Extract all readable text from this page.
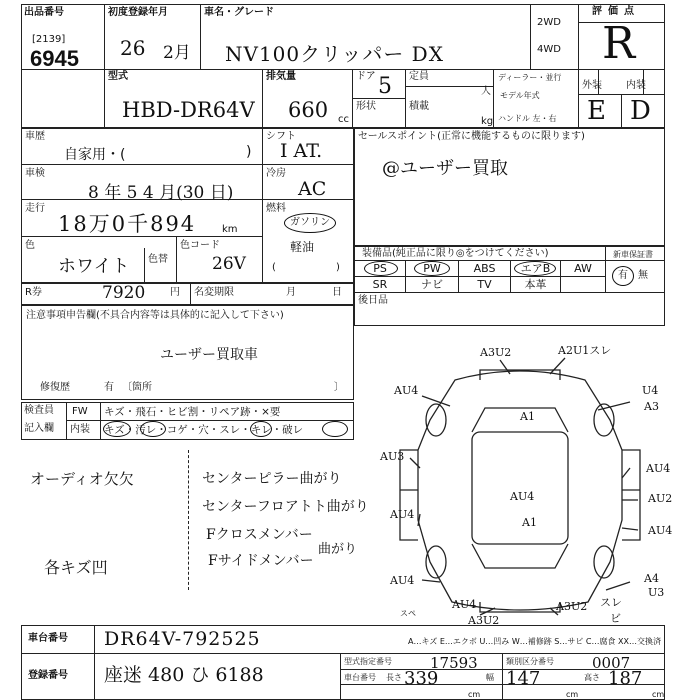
出品番号
[2139]
6945
初度登録年月
26 2月
車名・グレード
NV100クリッパー DX
2WD
4WD
評価点
R
外装 内装
E D
型式
HBD-DR64V
排気量
660 cc
ドア 5
形状
定員
人
積載
kg
ディーラー・並行
モデル年式
ハンドル 左・右
車歴
自家用・(	)
シフト
I AT.
車検
8 年 5 4 月(30 日)
冷房
AC
走行
18万0千894	km
燃料
ガソリン
軽油
色
ホワイト 色替
色コード
26V	(	)
セールスポイント(正常に機能するものに限ります)
@ユーザー買取
装備品(純正品に限り◎をつけてください)	新車保証書
PS	PW	ABS	エアB	AW
SR	ナビ	TV	本革
有 無
後日品
R券	7920 円 名変期限	月	日
注意事項申告欄(不具合内容等は具体的に記入して下さい)
ユーザー買取車
修復歴	有 〔箇所	〕
検査員
記入欄
FW キズ・飛石・ヒビ割・リペア跡・×要
内装 キズ・汚レ・コゲ・穴・スレ・キレ・破レ
オーディオ欠欠	センターピラー曲がり
センターフロアトト曲がり
Fクロスメンバー
Fサイドメンバー
曲がり
各キズ凹
A3U2	A2U1スレ
U4
A3
AU4
A1
AU3
AU4
AU4
AU2
AU4
AU4
A1
AU4	A4
U3
AU4
A3U2
A3U2 スレ
ビ
スペ
A…キズ E…エクボ U…凹み W…補修跡 S…サビ C…腐食 XX…交換済
車台番号 DR64V-792525
登録番号 座迷 480 ひ 6188
型式指定番号	17593	類別区分番号	0007
車台番号 長さ 339
cm
幅 147
cm
高さ 187
cm
